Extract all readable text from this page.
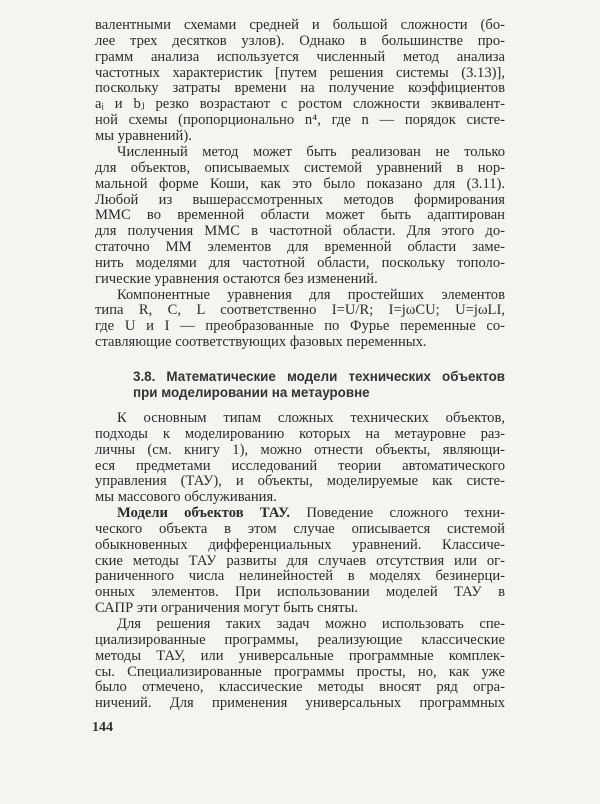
валентными схемами средней и большой сложности (бо-
лее трех десятков узлов). Однако в большинстве про-
грамм анализа используется численный метод анализа
частотных характеристик [путем решения системы (3.13)],
поскольку затраты времени на получение коэффициентов
aᵢ и bⱼ резко возрастают с ростом сложности эквивалент-
ной схемы (пропорционально n⁴, где n — порядок систе-
мы уравнений).
Численный метод может быть реализован не только
для объектов, описываемых системой уравнений в нор-
мальной форме Коши, как это было показано для (3.11).
Любой из вышерассмотренных методов формирования
ММС во временной области может быть адаптирован
для получения ММС в частотной области. Для этого до-
статочно ММ элементов для временно́й области заме-
нить моделями для частотной области, поскольку тополо-
гические уравнения остаются без изменений.
Компонентные уравнения для простейших элементов
типа R, C, L соответственно I=U/R; I=jωCU; U=jωLI,
где U и I — преобразованные по Фурье переменные со-
ставляющие соответствующих фазовых переменных.
3.8. Математические модели технических объектов
при моделировании на метауровне
К основным типам сложных технических объектов,
подходы к моделированию которых на метауровне раз-
личны (см. книгу 1), можно отнести объекты, являющи-
еся предметами исследований теории автоматического
управления (ТАУ), и объекты, моделируемые как систе-
мы массового обслуживания.
Модели объектов ТАУ. Поведение сложного техни-
ческого объекта в этом случае описывается системой
обыкновенных дифференциальных уравнений. Классиче-
ские методы ТАУ развиты для случаев отсутствия или ог-
раниченного числа нелинейностей в моделях безинерци-
онных элементов. При использовании моделей ТАУ в
САПР эти ограничения могут быть сняты.
Для решения таких задач можно использовать спе-
циализированные программы, реализующие классические
методы ТАУ, или универсальные программные комплек-
сы. Специализированные программы просты, но, как уже
было отмечено, классические методы вносят ряд огра-
ничений. Для применения универсальных программных
144
